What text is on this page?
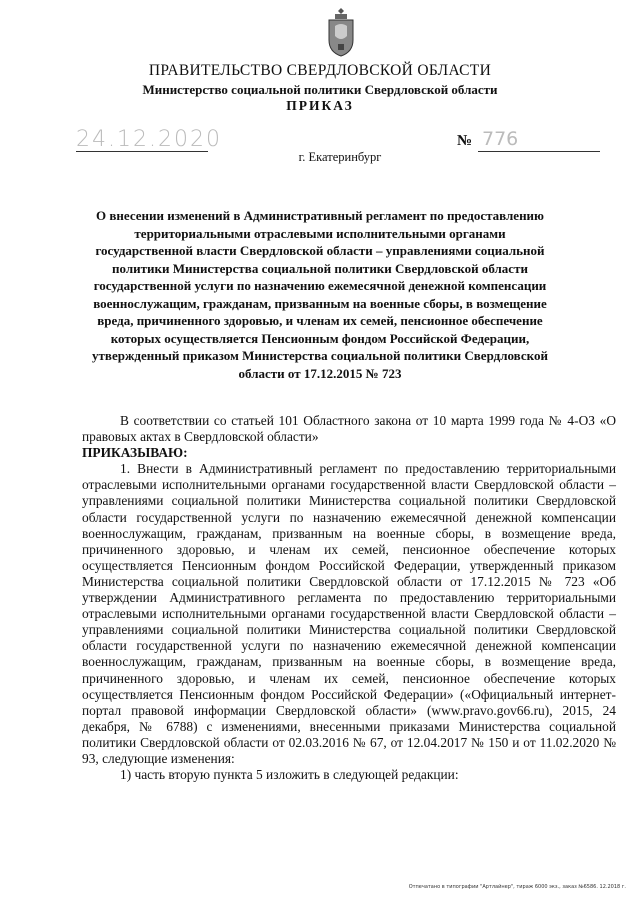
ПРАВИТЕЛЬСТВО СВЕРДЛОВСКОЙ ОБЛАСТИ
Министерство социальной политики Свердловской области
ПРИКАЗ
24.12.2020	№ 776
г. Екатеринбург
О внесении изменений в Административный регламент по предоставлению территориальными отраслевыми исполнительными органами государственной власти Свердловской области – управлениями социальной политики Министерства социальной политики Свердловской области государственной услуги по назначению ежемесячной денежной компенсации военнослужащим, гражданам, призванным на военные сборы, в возмещение вреда, причиненного здоровью, и членам их семей, пенсионное обеспечение которых осуществляется Пенсионным фондом Российской Федерации, утвержденный приказом Министерства социальной политики Свердловской области от 17.12.2015 № 723

В соответствии со статьей 101 Областного закона от 10 марта 1999 года № 4-ОЗ «О правовых актах в Свердловской области»

ПРИКАЗЫВАЮ:

1. Внести в Административный регламент по предоставлению территориальными отраслевыми исполнительными органами государственной власти Свердловской области – управлениями социальной политики Министерства социальной политики Свердловской области государственной услуги по назначению ежемесячной денежной компенсации военнослужащим, гражданам, призванным на военные сборы, в возмещение вреда, причиненного здоровью, и членам их семей, пенсионное обеспечение которых осуществляется Пенсионным фондом Российской Федерации, утвержденный приказом Министерства социальной политики Свердловской области от 17.12.2015 № 723 «Об утверждении Административного регламента по предоставлению территориальными отраслевыми исполнительными органами государственной власти Свердловской области – управлениями социальной политики Министерства социальной политики Свердловской области государственной услуги по назначению ежемесячной денежной компенсации военнослужащим, гражданам, призванным на военные сборы, в возмещение вреда, причиненного здоровью, и членам их семей, пенсионное обеспечение которых осуществляется Пенсионным фондом Российской Федерации» («Официальный интернет-портал правовой информации Свердловской области» (www.pravo.gov66.ru), 2015, 24 декабря, № 6788) с изменениями, внесенными приказами Министерства социальной политики Свердловской области от 02.03.2016 № 67, от 12.04.2017 № 150 и от 11.02.2020 № 93, следующие изменения:

1) часть вторую пункта 5 изложить в следующей редакции:

Отпечатано в типографии "Артлайнер", тираж 6000 экз., заказ №6586. 12.2018 г.
